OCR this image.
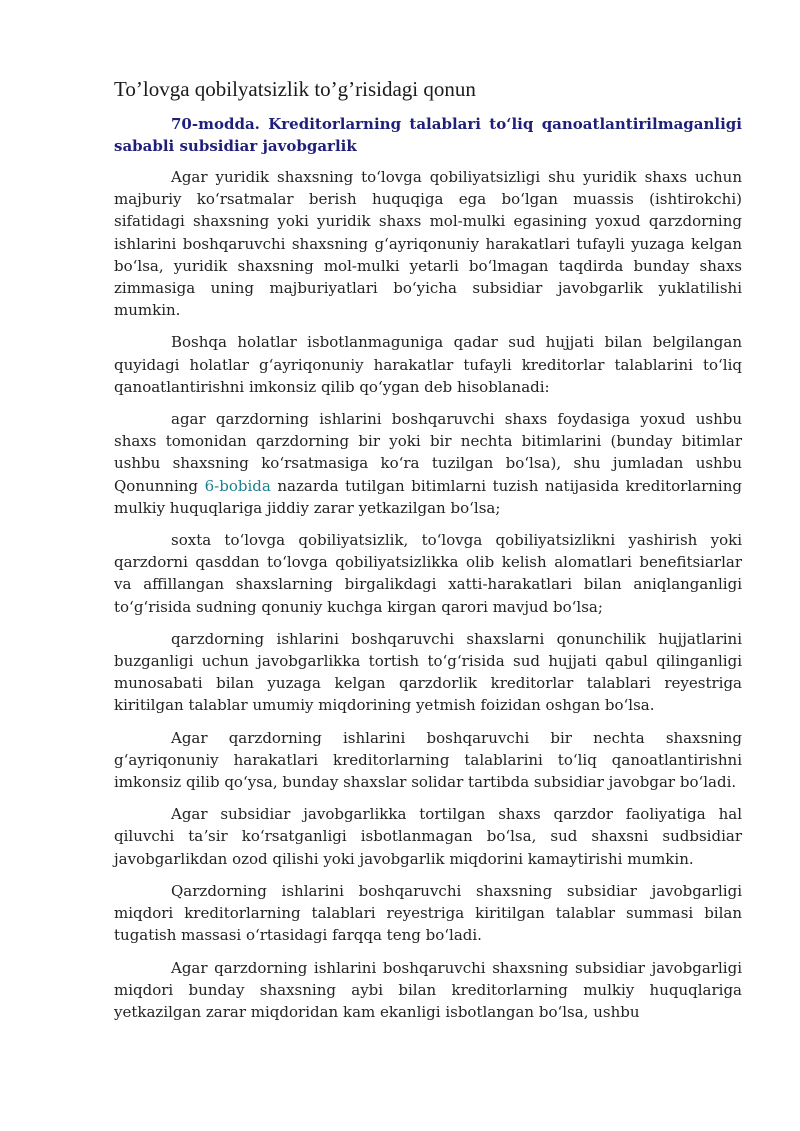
To’lovga qobilyatsizlik to’g’risidagi qonun
70-modda. Kreditorlarning talablari toʻliq qanoatlantirilmaganligi sababli subsidiar javobgarlik

Agar yuridik shaxsning toʻlovga qobiliyatsizligi shu yuridik shaxs uchun majburiy koʻrsatmalar berish huquqiga ega boʻlgan muassis (ishtirokchi) sifatidagi shaxsning yoki yuridik shaxs mol-mulki egasining yoxud qarzdorning ishlarini boshqaruvchi shaxsning gʻayriqonuniy harakatlari tufayli yuzaga kelgan boʻlsa, yuridik shaxsning mol-mulki yetarli boʻlmagan taqdirda bunday shaxs zimmasiga uning majburiyatlari boʻyicha subsidiar javobgarlik yuklatilishi mumkin.

Boshqa holatlar isbotlanmaguniga qadar sud hujjati bilan belgilangan quyidagi holatlar gʻayriqonuniy harakatlar tufayli kreditorlar talablarini toʻliq qanoatlantirishni imkonsiz qilib qoʻygan deb hisoblanadi:

agar qarzdorning ishlarini boshqaruvchi shaxs foydasiga yoxud ushbu shaxs tomonidan qarzdorning bir yoki bir nechta bitimlarini (bunday bitimlar ushbu shaxsning koʻrsatmasiga koʻra tuzilgan boʻlsa), shu jumladan ushbu Qonunning 6-bobida nazarda tutilgan bitimlarni tuzish natijasida kreditorlarning mulkiy huquqlariga jiddiy zarar yetkazilgan boʻlsa;

soxta toʻlovga qobiliyatsizlik, toʻlovga qobiliyatsizlikni yashirish yoki qarzdorni qasddan toʻlovga qobiliyatsizlikka olib kelish alomatlari benefitsiarlar va affillangan shaxslarning birgalikdagi xatti-harakatlari bilan aniqlanganligi toʻgʻrisida sudning qonuniy kuchga kirgan qarori mavjud boʻlsa;

qarzdorning ishlarini boshqaruvchi shaxslarni qonunchilik hujjatlarini buzganligi uchun javobgarlikka tortish toʻgʻrisida sud hujjati qabul qilinganligi munosabati bilan yuzaga kelgan qarzdorlik kreditorlar talablari reyestriga kiritilgan talablar umumiy miqdorining yetmish foizidan oshgan boʻlsa.

Agar qarzdorning ishlarini boshqaruvchi bir nechta shaxsning gʻayriqonuniy harakatlari kreditorlarning talablarini toʻliq qanoatlantirishni imkonsiz qilib qoʻysa, bunday shaxslar solidar tartibda subsidiar javobgar boʻladi.

Agar subsidiar javobgarlikka tortilgan shaxs qarzdor faoliyatiga hal qiluvchi taʼsir koʻrsatganligi isbotlanmagan boʻlsa, sud shaxsni sudbsidiar javobgarlikdan ozod qilishi yoki javobgarlik miqdorini kamaytirishi mumkin.

Qarzdorning ishlarini boshqaruvchi shaxsning subsidiar javobgarligi miqdori kreditorlarning talablari reyestriga kiritilgan talablar summasi bilan tugatish massasi oʻrtasidagi farqqa teng boʻladi.

Agar qarzdorning ishlarini boshqaruvchi shaxsning subsidiar javobgarligi miqdori bunday shaxsning aybi bilan kreditorlarning mulkiy huquqlariga yetkazilgan zarar miqdoridan kam ekanligi isbotlangan boʻlsa, ushbu
